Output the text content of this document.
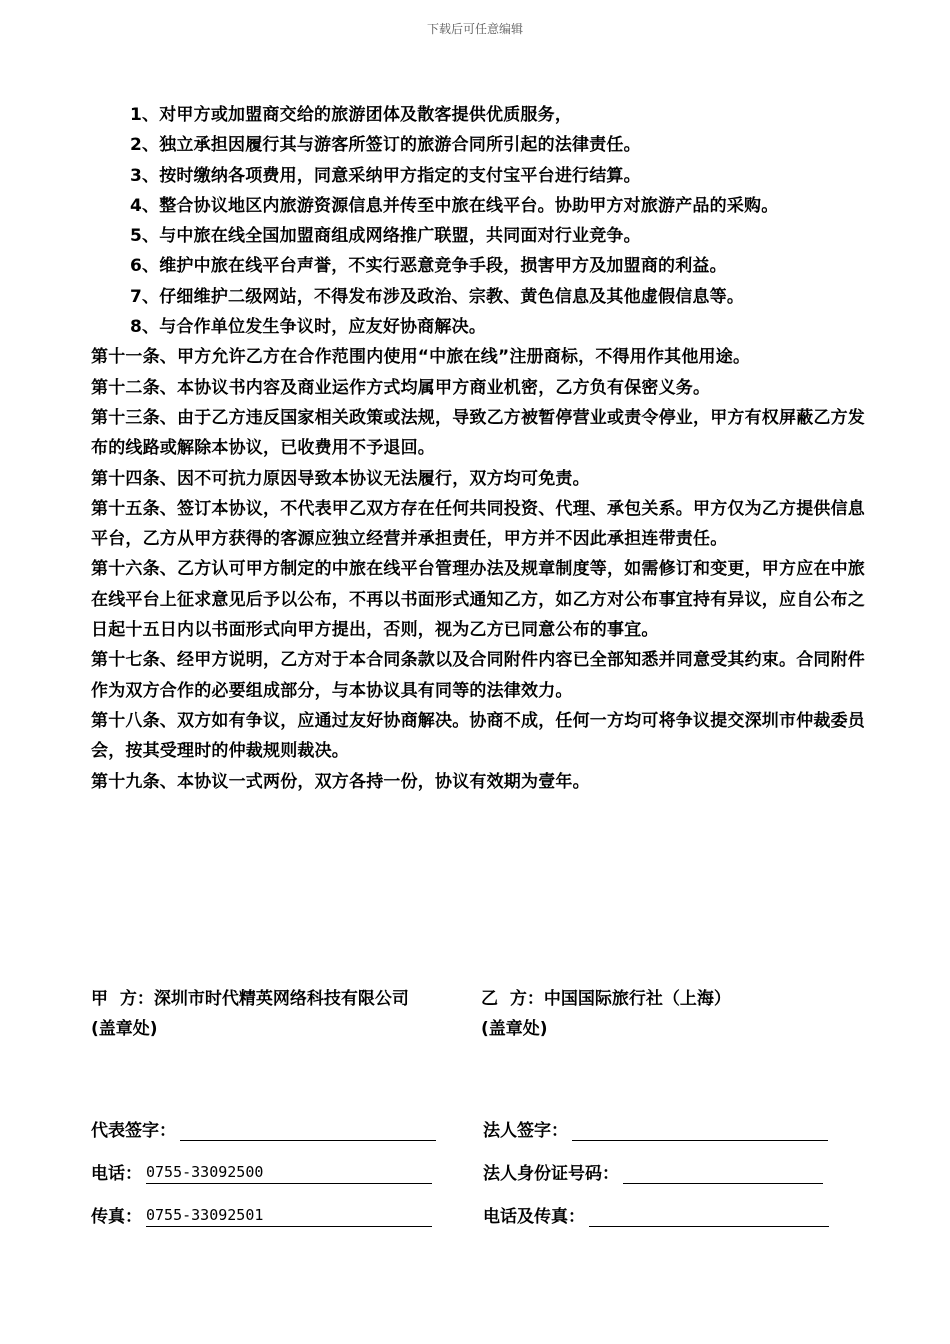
下载后可任意编辑
1、对甲方或加盟商交给的旅游团体及散客提供优质服务，
2、独立承担因履行其与游客所签订的旅游合同所引起的法律责任。
3、按时缴纳各项费用，同意采纳甲方指定的支付宝平台进行结算。
4、整合协议地区内旅游资源信息并传至中旅在线平台。协助甲方对旅游产品的采购。
5、与中旅在线全国加盟商组成网络推广联盟，共同面对行业竞争。
6、维护中旅在线平台声誉，不实行恶意竞争手段，损害甲方及加盟商的利益。
7、仔细维护二级网站，不得发布涉及政治、宗教、黄色信息及其他虚假信息等。
8、与合作单位发生争议时，应友好协商解决。
第十一条、甲方允许乙方在合作范围内使用“中旅在线”注册商标，不得用作其他用途。
第十二条、本协议书内容及商业运作方式均属甲方商业机密，乙方负有保密义务。
第十三条、由于乙方违反国家相关政策或法规，导致乙方被暂停营业或责令停业，甲方有权屏蔽乙方发布的线路或解除本协议，已收费用不予退回。
第十四条、因不可抗力原因导致本协议无法履行，双方均可免责。
第十五条、签订本协议，不代表甲乙双方存在任何共同投资、代理、承包关系。甲方仅为乙方提供信息平台，乙方从甲方获得的客源应独立经营并承担责任，甲方并不因此承担连带责任。
第十六条、乙方认可甲方制定的中旅在线平台管理办法及规章制度等，如需修订和变更，甲方应在中旅在线平台上征求意见后予以公布，不再以书面形式通知乙方，如乙方对公布事宜持有异议，应自公布之日起十五日内以书面形式向甲方提出，否则，视为乙方已同意公布的事宜。
第十七条、经甲方说明，乙方对于本合同条款以及合同附件内容已全部知悉并同意受其约束。合同附件作为双方合作的必要组成部分，与本协议具有同等的法律效力。
第十八条、双方如有争议，应通过友好协商解决。协商不成，任何一方均可将争议提交深圳市仲裁委员会，按其受理时的仲裁规则裁决。
第十九条、本协议一式两份，双方各持一份，协议有效期为壹年。
甲  方：深圳市时代精英网络科技有限公司
(盖章处)
乙  方：中国国际旅行社（上海）
(盖章处)
代表签字：	法人签字：
电话： 0755-33092500	法人身份证号码：
传真： 0755-33092501	电话及传真：
